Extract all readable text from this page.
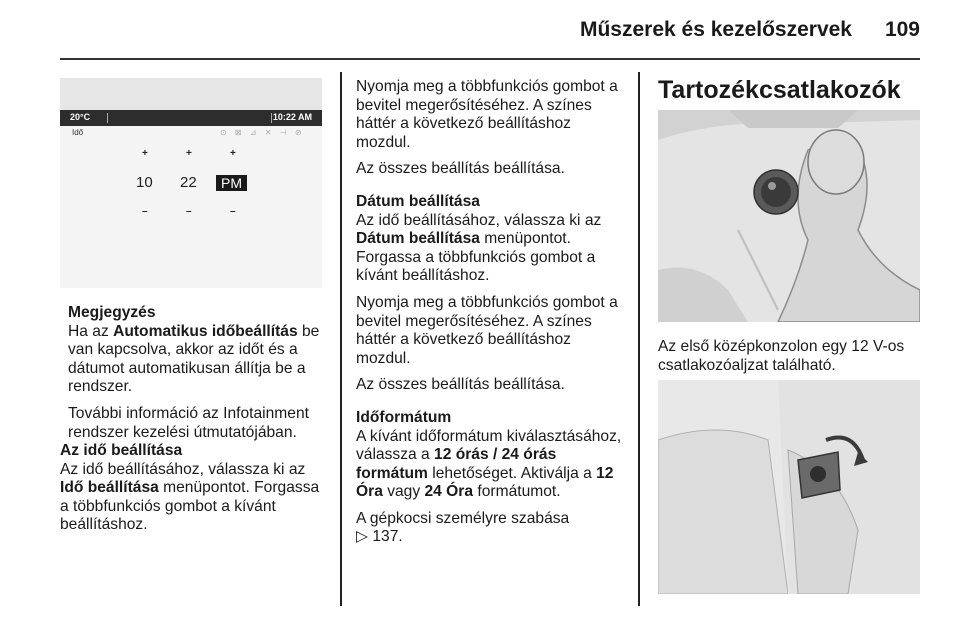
Műszerek és kezelőszervek 109
20°C	10:22 AM
Idő	⊙ ⊠ ⊿ ✕ ⊣ ⊘
+	+	+
10 22	PM
–	–	–

Megjegyzés

Ha az Automatikus időbeállítás be van kapcsolva, akkor az időt és a dátumot automatikusan állítja be a rendszer.

További információ az Infotainment rendszer kezelési útmutatójában.

Az idő beállítása

Az idő beállításához, válassza ki az Idő beállítása menüpontot. Forgassa a többfunkciós gombot a kívánt beállításhoz.

Nyomja meg a többfunkciós gombot a bevitel megerősítéséhez. A színes háttér a következő beállításhoz mozdul.

Az összes beállítás beállítása.

Dátum beállítása

Az idő beállításához, válassza ki az Dátum beállítása menüpontot. Forgassa a többfunkciós gombot a kívánt beállításhoz.

Nyomja meg a többfunkciós gombot a bevitel megerősítéséhez. A színes háttér a következő beállításhoz mozdul.

Az összes beállítás beállítása.

Időformátum

A kívánt időformátum kiválasztásához, válassza a 12 órás / 24 órás formátum lehetőséget. Aktiválja a 12 Óra vagy 24 Óra formátumot.

A gépkocsi személyre szabása
▷ 137.

Tartozékcsatlakozók
Az első középkonzolon egy 12 V-os csatlakozóaljzat található.
